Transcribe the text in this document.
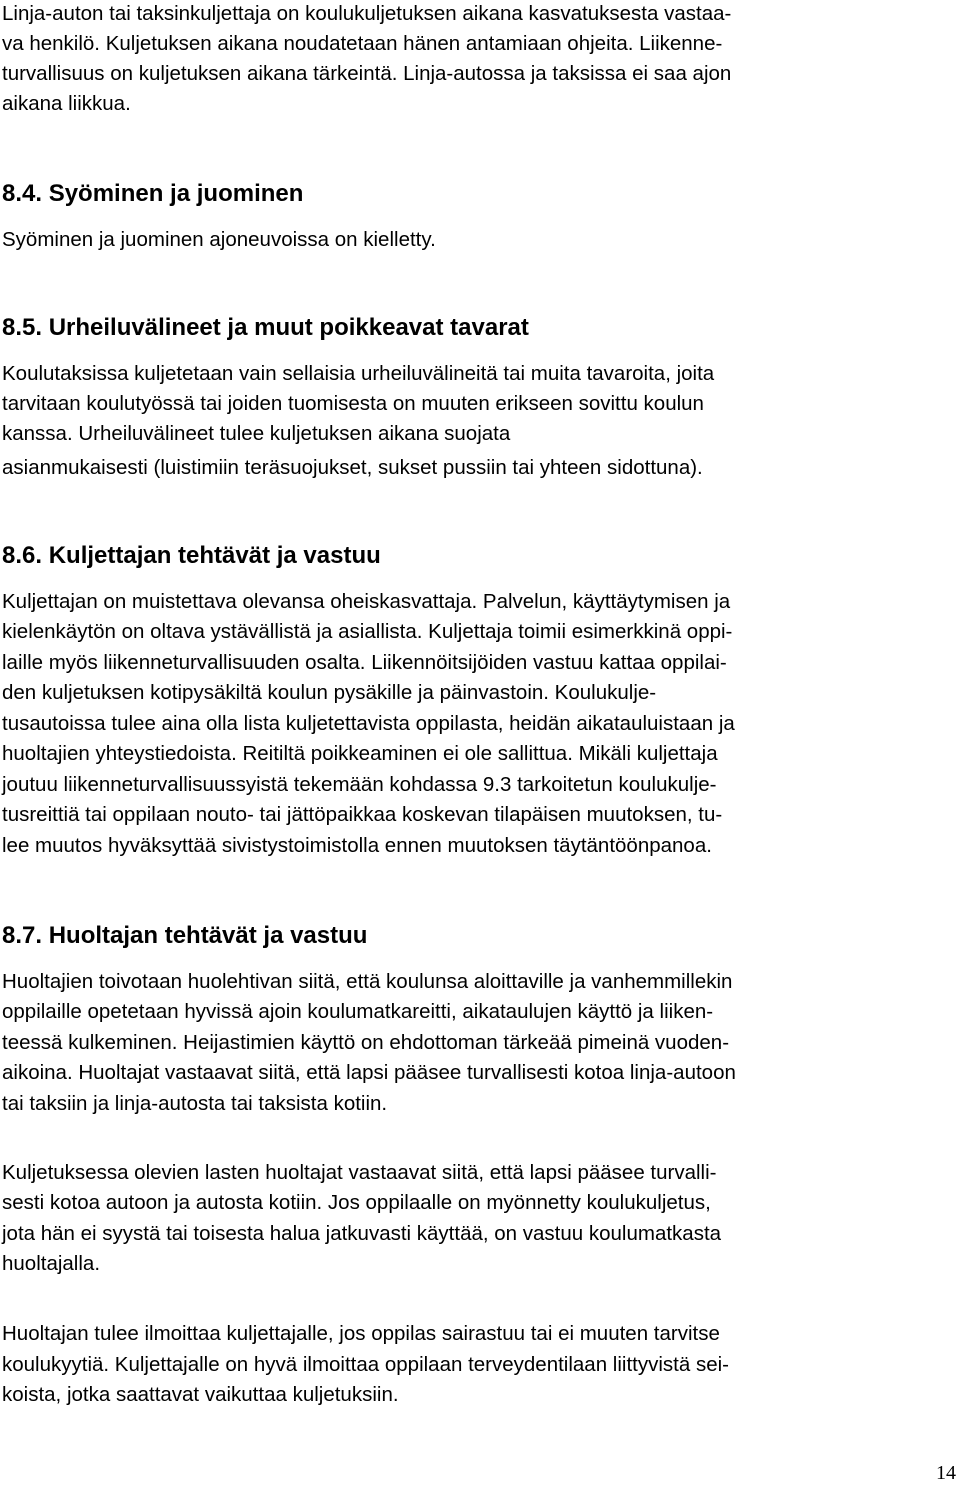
Linja-auton tai taksinkuljettaja on koulukuljetuksen aikana kasvatuksesta vastaa-

va henkilö. Kuljetuksen aikana noudatetaan hänen antamiaan ohjeita. Liikenne-

turvallisuus on kuljetuksen aikana tärkeintä. Linja-autossa ja taksissa ei saa ajon

aikana liikkua.

8.4. Syöminen ja juominen

Syöminen ja juominen ajoneuvoissa on kielletty.

8.5. Urheiluvälineet ja muut poikkeavat tavarat

Koulutaksissa kuljetetaan vain sellaisia urheiluvälineitä tai muita tavaroita, joita

tarvitaan koulutyössä tai joiden tuomisesta on muuten erikseen sovittu koulun

kanssa. Urheiluvälineet tulee kuljetuksen aikana suojata

asianmukaisesti (luistimiin teräsuojukset, sukset pussiin tai yhteen sidottuna).

8.6. Kuljettajan tehtävät ja vastuu

Kuljettajan on muistettava olevansa oheiskasvattaja. Palvelun, käyttäytymisen ja

kielenkäytön on oltava ystävällistä ja asiallista. Kuljettaja toimii esimerkkinä oppi-

laille myös liikenneturvallisuuden osalta. Liikennöitsijöiden vastuu kattaa oppilai-

den kuljetuksen kotipysäkiltä koulun pysäkille ja päinvastoin. Koulukulje-

tusautoissa tulee aina olla lista kuljetettavista oppilasta, heidän aikatauluistaan ja

huoltajien yhteystiedoista. Reitiltä poikkeaminen ei ole sallittua. Mikäli kuljettaja

joutuu liikenneturvallisuussyistä tekemään kohdassa 9.3 tarkoitetun koulukulje-

tusreittiä tai oppilaan nouto- tai jättöpaikkaa koskevan tilapäisen muutoksen, tu-

lee muutos hyväksyttää sivistystoimistolla ennen muutoksen täytäntöönpanoa.

8.7. Huoltajan tehtävät ja vastuu

Huoltajien toivotaan huolehtivan siitä, että koulunsa aloittaville ja vanhemmillekin

oppilaille opetetaan hyvissä ajoin koulumatkareitti, aikataulujen käyttö ja liiken-

teessä kulkeminen. Heijastimien käyttö on ehdottoman tärkeää pimeinä vuoden-

aikoina. Huoltajat vastaavat siitä, että lapsi pääsee turvallisesti kotoa linja-autoon

tai taksiin ja linja-autosta tai taksista kotiin.

Kuljetuksessa olevien lasten huoltajat vastaavat siitä, että lapsi pääsee turvalli-

sesti kotoa autoon ja autosta kotiin. Jos oppilaalle on myönnetty koulukuljetus,

jota hän ei syystä tai toisesta halua jatkuvasti käyttää, on vastuu koulumatkasta

huoltajalla.

Huoltajan tulee ilmoittaa kuljettajalle, jos oppilas sairastuu tai ei muuten tarvitse

koulukyytiä. Kuljettajalle on hyvä ilmoittaa oppilaan terveydentilaan liittyvistä sei-

koista, jotka saattavat vaikuttaa kuljetuksiin.

14
